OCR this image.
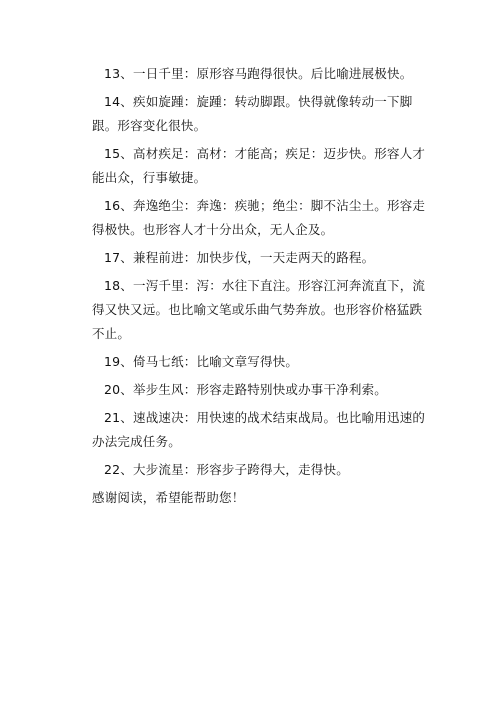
13、一日千里：原形容马跑得很快。后比喻进展极快。

14、疾如旋踵：旋踵：转动脚跟。快得就像转动一下脚跟。形容变化很快。

15、高材疾足：高材：才能高；疾足：迈步快。形容人才能出众，行事敏捷。

16、奔逸绝尘：奔逸：疾驰；绝尘：脚不沾尘土。形容走得极快。也形容人才十分出众，无人企及。

17、兼程前进：加快步伐，一天走两天的路程。

18、一泻千里：泻：水往下直注。形容江河奔流直下，流得又快又远。也比喻文笔或乐曲气势奔放。也形容价格猛跌不止。

19、倚马七纸：比喻文章写得快。

20、举步生风：形容走路特别快或办事干净利索。

21、速战速决：用快速的战术结束战局。也比喻用迅速的办法完成任务。

22、大步流星：形容步子跨得大，走得快。

感谢阅读，希望能帮助您！
